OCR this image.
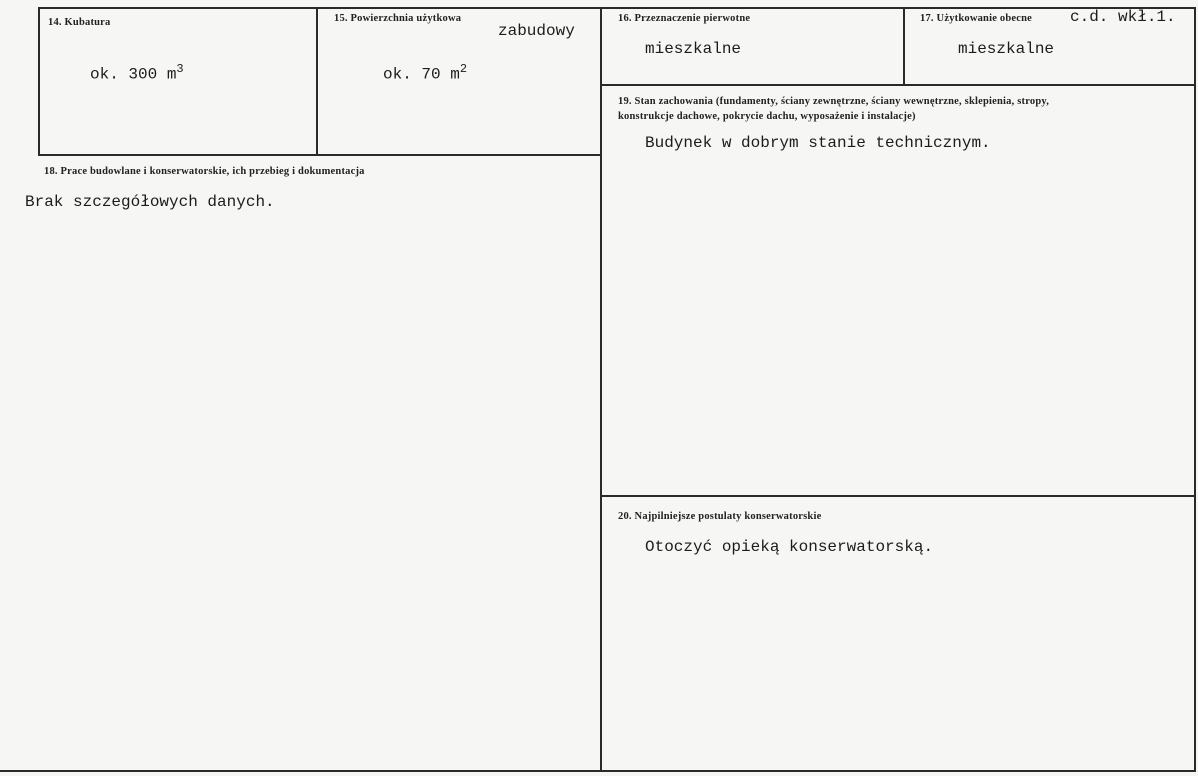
14. Kubatura
ok. 300 $m^3$
15. Powierzchnia użytkowa
zabudowy
ok. 70 $m^2$
16. Przeznaczenie pierwotne
mieszkalne
17. Użytkowanie obecne c.d. wkł.1.
mieszkalne
18. Prace budowlane i konserwatorskie, ich przebieg i dokumentacja
Brak szczegółowych danych.
19. Stan zachowania (fundamenty, ściany zewnętrzne, ściany wewnętrzne, sklepienia, stropy,
konstrukcje dachowe, pokrycie dachu, wyposażenie i instalacje)
Budynek w dobrym stanie technicznym.
20. Najpilniejsze postulaty konserwatorskie
Otoczyć opieką konserwatorską.
